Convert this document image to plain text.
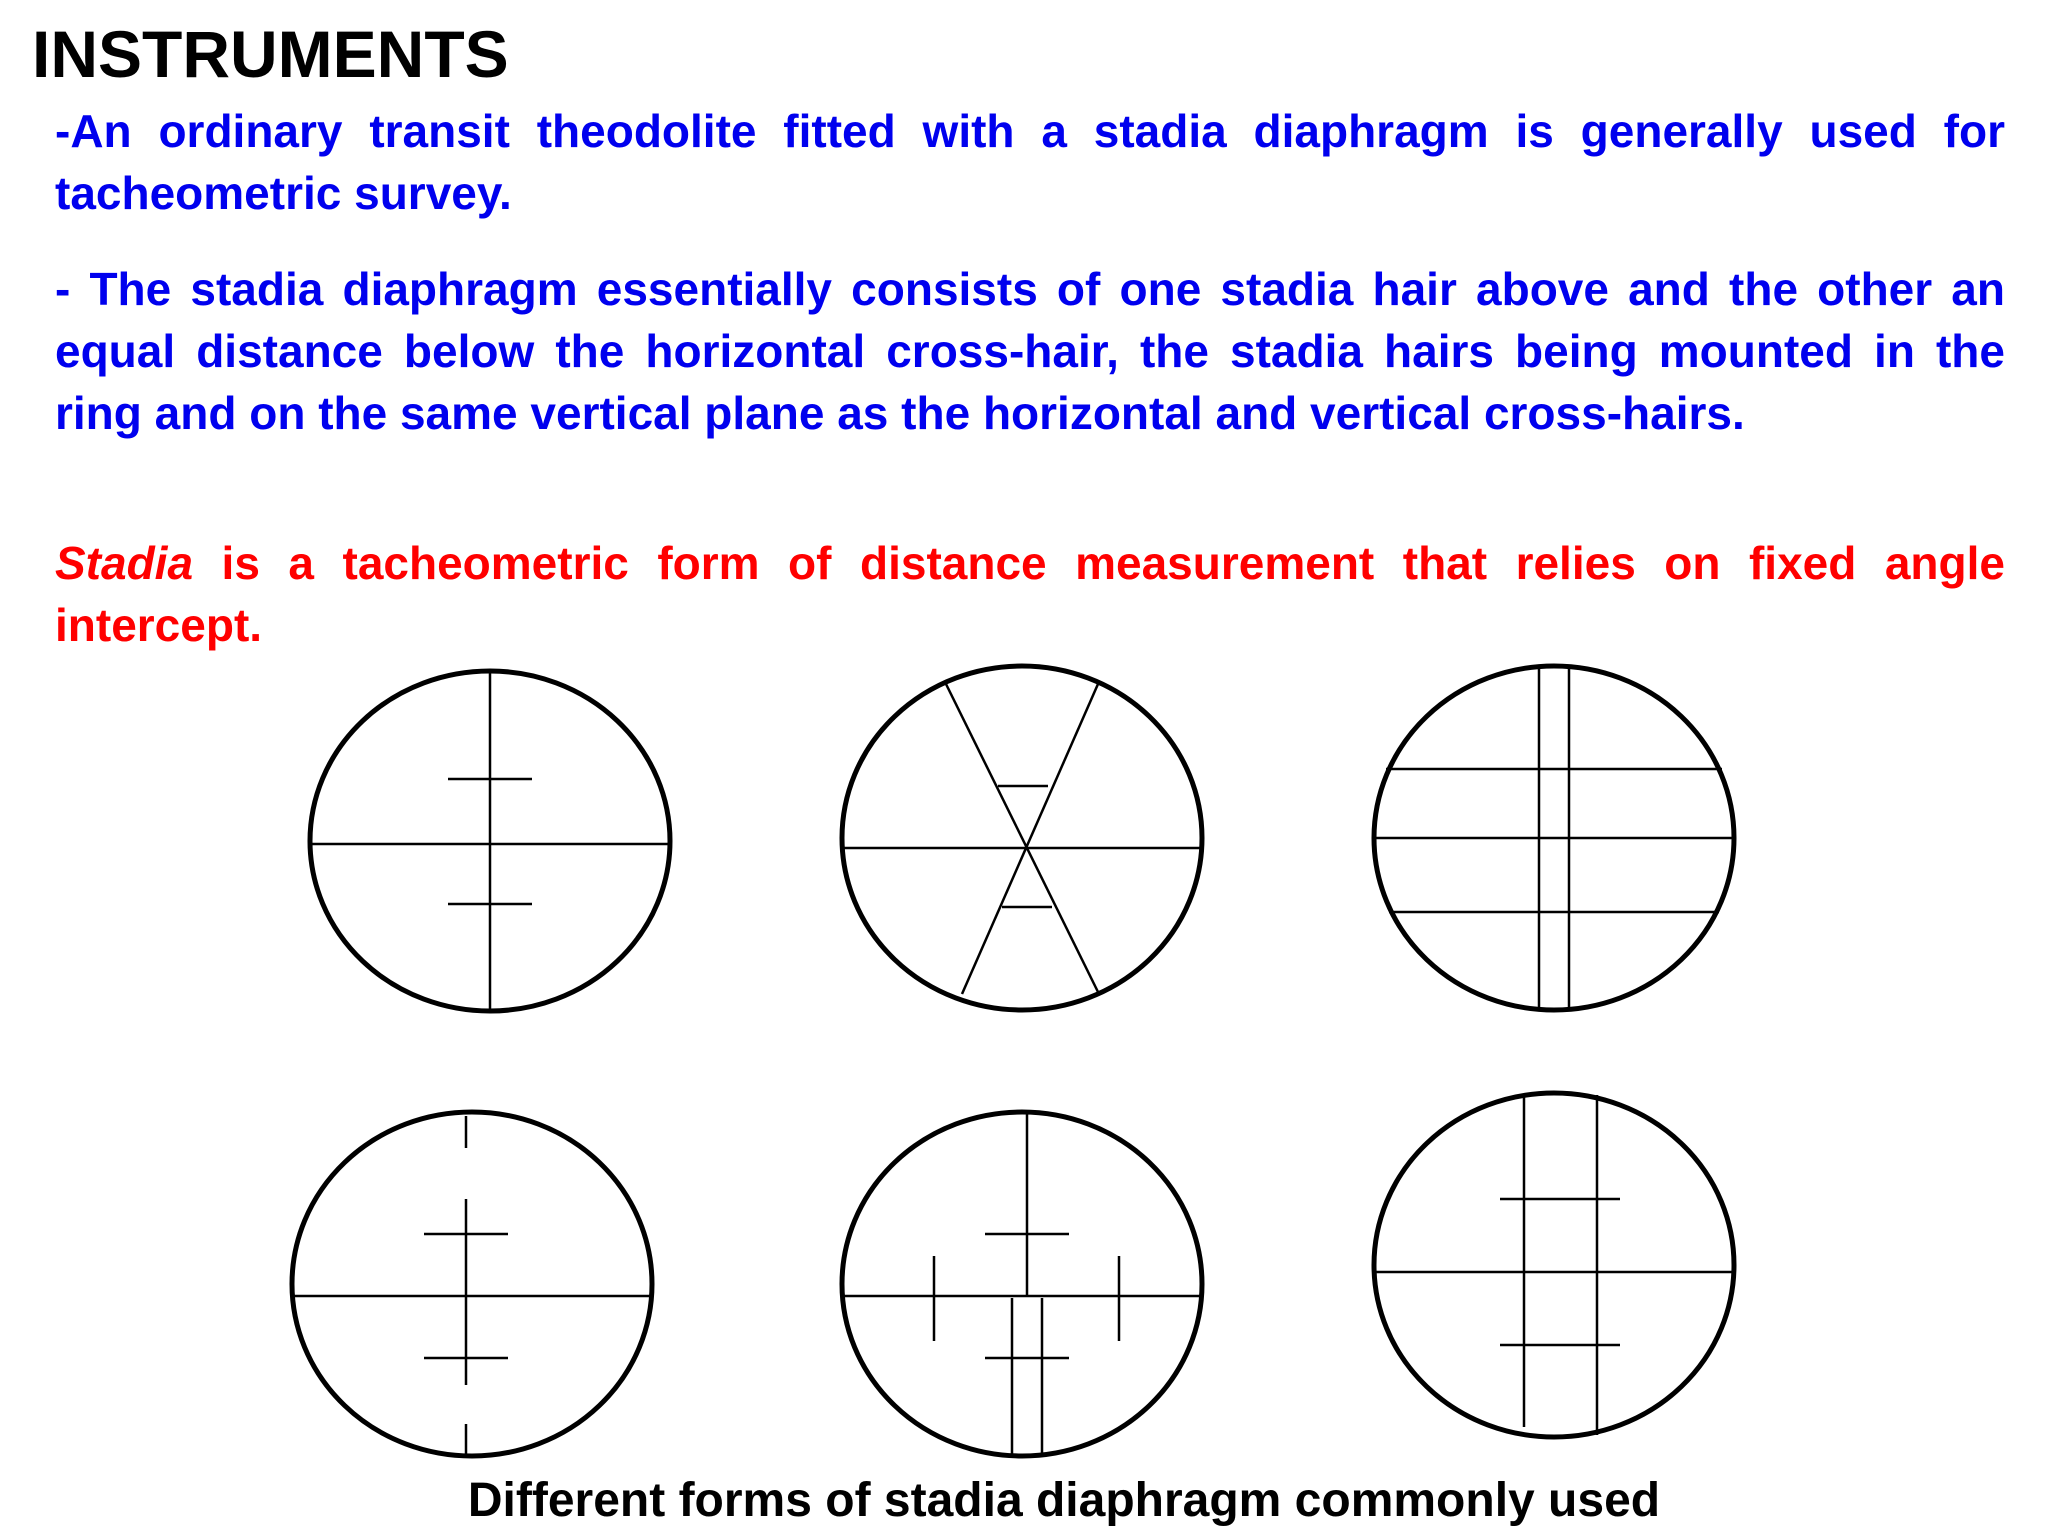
INSTRUMENTS

-An ordinary transit theodolite fitted with a stadia diaphragm is generally used for tacheometric survey.

- The stadia diaphragm essentially consists of one stadia hair above and the other an equal distance below the horizontal cross-hair, the stadia hairs being mounted in the ring and on the same vertical plane as the horizontal and vertical cross-hairs.

Stadia is a tacheometric form of distance measurement that relies on fixed angle intercept.

Different forms of stadia diaphragm commonly used
